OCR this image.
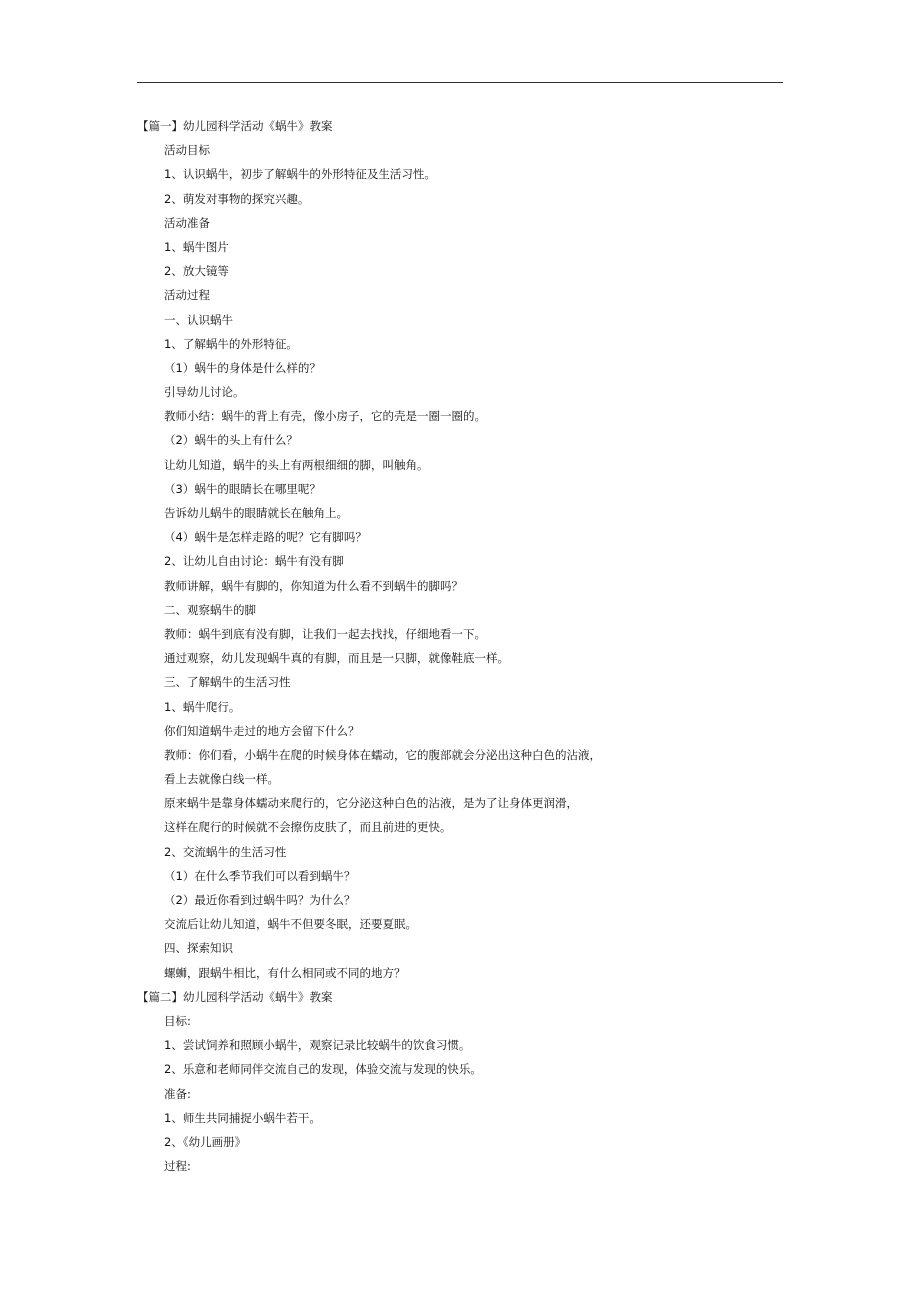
【篇一】幼儿园科学活动《蜗牛》教案
活动目标
1、认识蜗牛，初步了解蜗牛的外形特征及生活习性。
2、萌发对事物的探究兴趣。
活动准备
1、蜗牛图片
2、放大镜等
活动过程
一、认识蜗牛
1、了解蜗牛的外形特征。
（1）蜗牛的身体是什么样的？
引导幼儿讨论。
教师小结：蜗牛的背上有壳，像小房子，它的壳是一圈一圈的。
（2）蜗牛的头上有什么？
让幼儿知道，蜗牛的头上有两根细细的脚，叫触角。
（3）蜗牛的眼睛长在哪里呢？
告诉幼儿蜗牛的眼睛就长在触角上。
（4）蜗牛是怎样走路的呢？它有脚吗？
2、让幼儿自由讨论：蜗牛有没有脚
教师讲解，蜗牛有脚的，你知道为什么看不到蜗牛的脚吗？
二、观察蜗牛的脚
教师：蜗牛到底有没有脚，让我们一起去找找，仔细地看一下。
通过观察，幼儿发现蜗牛真的有脚，而且是一只脚，就像鞋底一样。
三、了解蜗牛的生活习性
1、蜗牛爬行。
你们知道蜗牛走过的地方会留下什么？
教师：你们看，小蜗牛在爬的时候身体在蠕动，它的腹部就会分泌出这种白色的沾液，
看上去就像白线一样。
原来蜗牛是靠身体蠕动来爬行的，它分泌这种白色的沾液，是为了让身体更润滑，
这样在爬行的时候就不会擦伤皮肤了，而且前进的更快。
2、交流蜗牛的生活习性
（1）在什么季节我们可以看到蜗牛？
（2）最近你看到过蜗牛吗？为什么？
交流后让幼儿知道，蜗牛不但要冬眠，还要夏眠。
四、探索知识
螺蛳，跟蜗牛相比，有什么相同或不同的地方？
【篇二】幼儿园科学活动《蜗牛》教案
目标:
1、尝试饲养和照顾小蜗牛，观察记录比较蜗牛的饮食习惯。
2、乐意和老师同伴交流自己的发现，体验交流与发现的快乐。
准备:
1、师生共同捕捉小蜗牛若干。
2、《幼儿画册》
过程:
